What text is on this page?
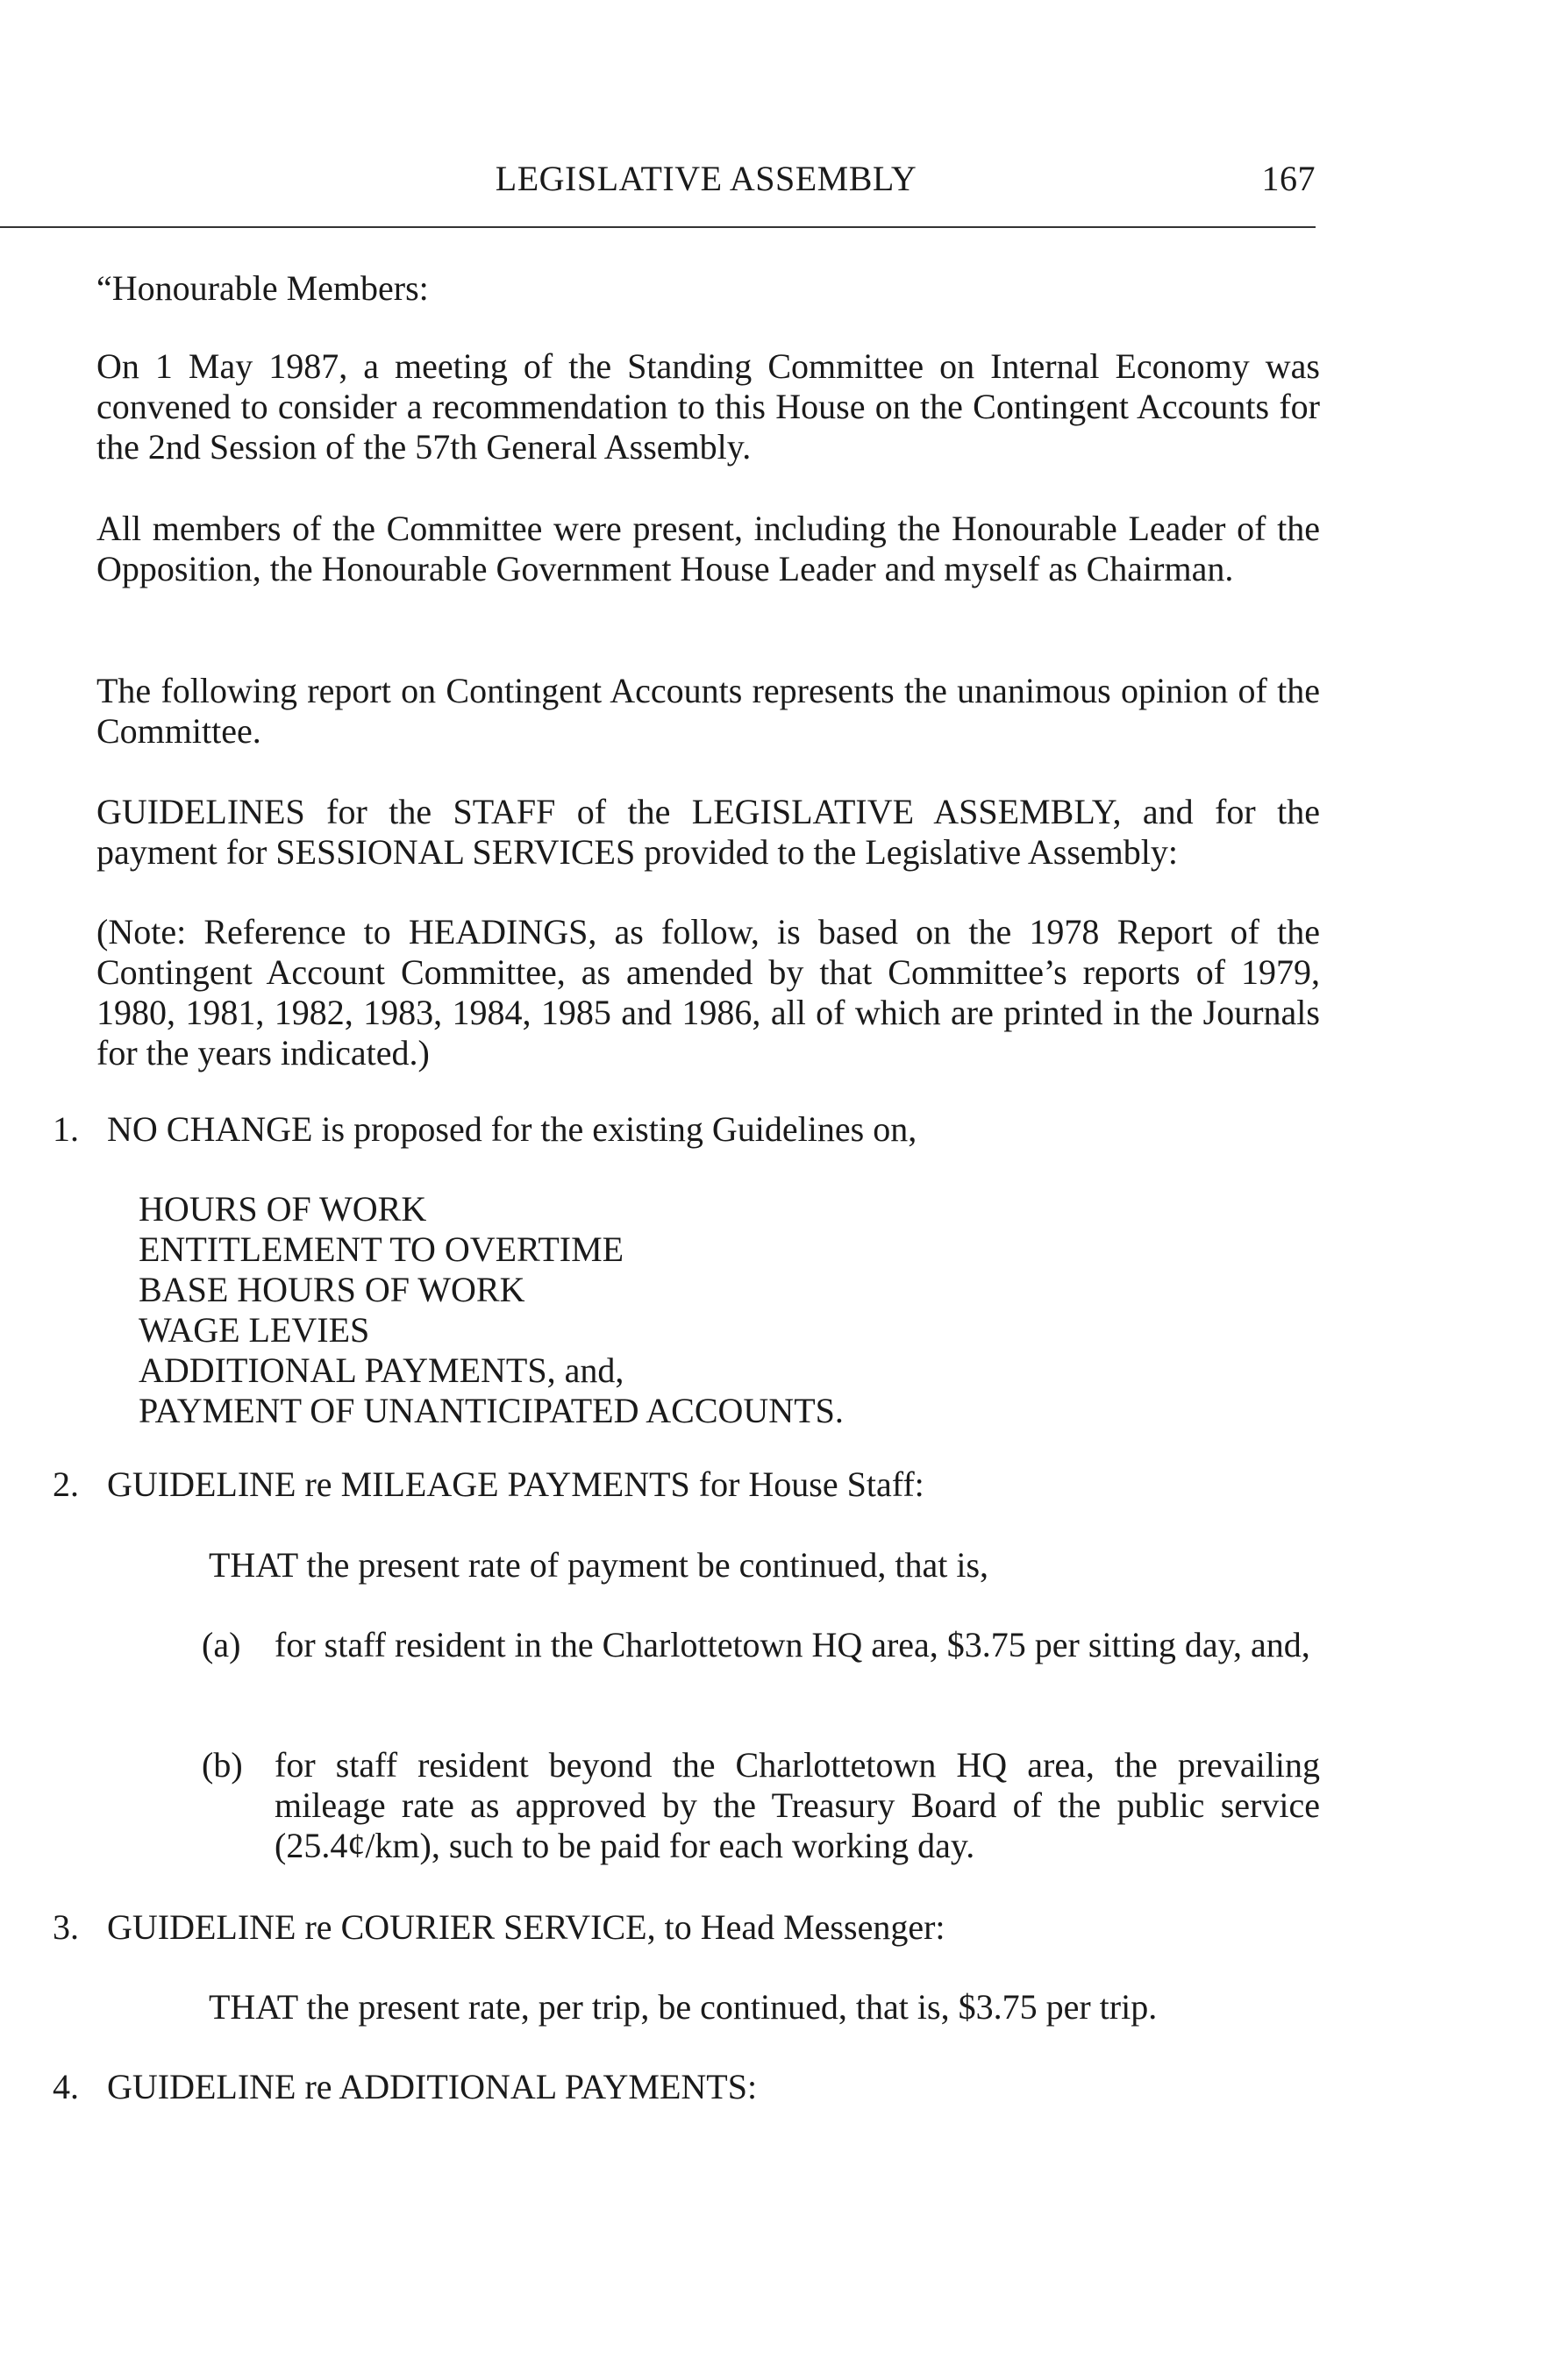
LEGISLATIVE ASSEMBLY	167

“Honourable Members:

On 1 May 1987, a meeting of the Standing Committee on Internal Economy was convened to consider a recommendation to this House on the Contingent Accounts for the 2nd Session of the 57th General Assembly.

All members of the Committee were present, including the Honourable Leader of the Opposition, the Honourable Government House Leader and myself as Chairman.

The following report on Contingent Accounts represents the unanimous opinion of the Committee.

GUIDELINES for the STAFF of the LEGISLATIVE ASSEMBLY, and for the payment for SESSIONAL SERVICES provided to the Legislative Assembly:

(Note: Reference to HEADINGS, as follow, is based on the 1978 Report of the Contingent Account Committee, as amended by that Committee’s reports of 1979, 1980, 1981, 1982, 1983, 1984, 1985 and 1986, all of which are printed in the Journals for the years indicated.)

1. NO CHANGE is proposed for the existing Guidelines on,
HOURS OF WORK
ENTITLEMENT TO OVERTIME
BASE HOURS OF WORK
WAGE LEVIES
ADDITIONAL PAYMENTS, and,
PAYMENT OF UNANTICIPATED ACCOUNTS.
2. GUIDELINE re MILEAGE PAYMENTS for House Staff:

THAT the present rate of payment be continued, that is,

(a) for staff resident in the Charlottetown HQ area, $3.75 per sitting day, and,
(b) for staff resident beyond the Charlottetown HQ area, the prevailing mileage rate as approved by the Treasury Board of the public service (25.4¢/km), such to be paid for each working day.
3. GUIDELINE re COURIER SERVICE, to Head Messenger:

THAT the present rate, per trip, be continued, that is, $3.75 per trip.

4. GUIDELINE re ADDITIONAL PAYMENTS:
